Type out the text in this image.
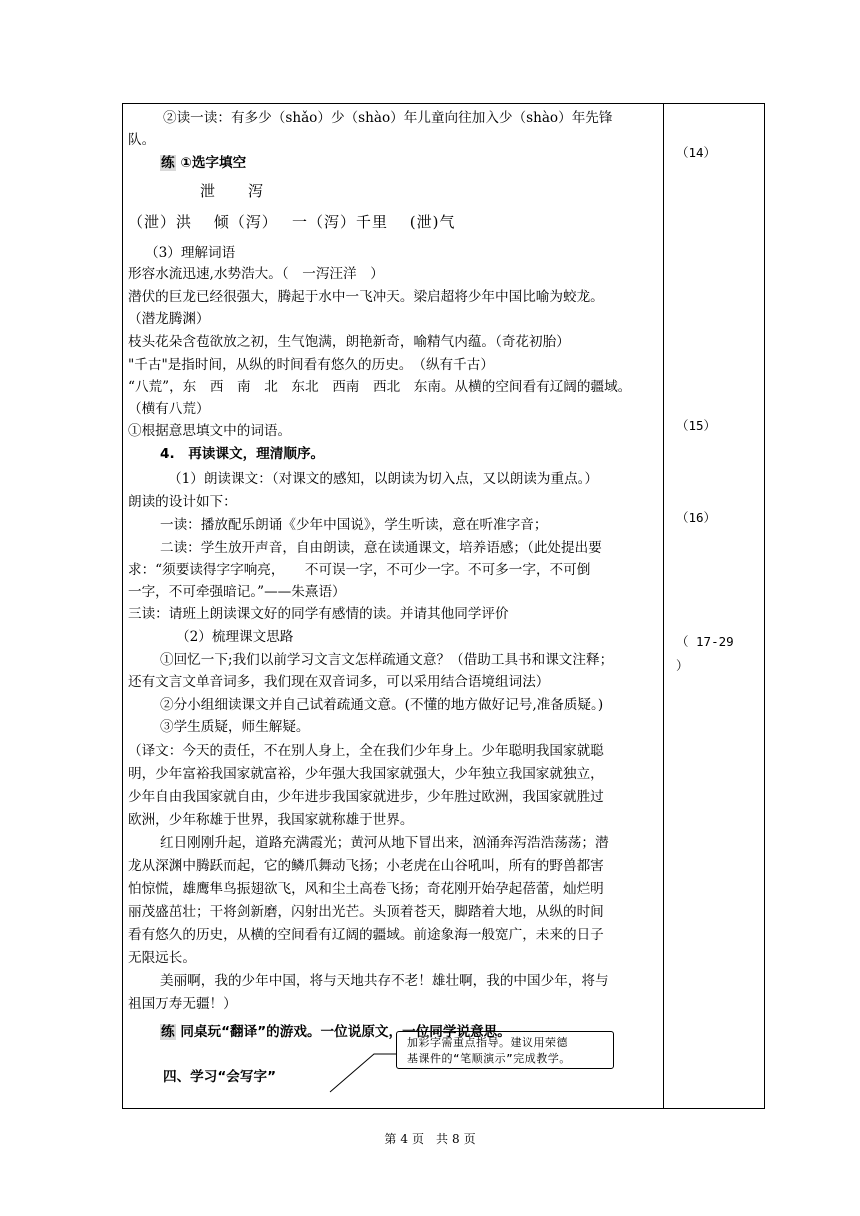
②读一读：有多少（shǎo）少（shào）年儿童向往加入少（shào）年先锋
队。
练 ①选字填空
泄　　泻
（泄）洪　 倾（泻）　 一（泻）千里　 (泄)气
（3）理解词语
形容水流迅速,水势浩大。（　一泻汪洋　）
潜伏的巨龙已经很强大，腾起于水中一飞冲天。梁启超将少年中国比喻为蛟龙。
（潜龙腾渊）
枝头花朵含苞欲放之初，生气饱满，朗艳新奇，喻精气内蕴。（奇花初胎）
"千古"是指时间，从纵的时间看有悠久的历史。　（纵有千古）
“八荒”，东　西　南　北　东北　西南　西北　东南。从横的空间看有辽阔的疆域。
（横有八荒）
①根据意思填文中的词语。
4.　再读课文，理清顺序。
（1）朗读课文：（对课文的感知，以朗读为切入点，又以朗读为重点。）
朗读的设计如下：
一读：播放配乐朗诵《少年中国说》，学生听读，意在听准字音；
二读：学生放开声音，自由朗读，意在读通课文，培养语感；（此处提出要
求：“须要读得字字响亮，　　不可误一字，不可少一字。不可多一字，不可倒
一字，不可牵强暗记。”——朱熹语）
三读：请班上朗读课文好的同学有感情的读。并请其他同学评价
（2）梳理课文思路
①回忆一下;我们以前学习文言文怎样疏通文意？（借助工具书和课文注释；
还有文言文单音词多，我们现在双音词多，可以采用结合语境组词法）
②分小组细读课文并自己试着疏通文意。(不懂的地方做好记号,准备质疑。)
③学生质疑，师生解疑。
（译文：今天的责任，不在别人身上，全在我们少年身上。少年聪明我国家就聪
明，少年富裕我国家就富裕，少年强大我国家就强大，少年独立我国家就独立，
少年自由我国家就自由，少年进步我国家就进步，少年胜过欧洲，我国家就胜过
欧洲，少年称雄于世界，我国家就称雄于世界。
红日刚刚升起，道路充满霞光；黄河从地下冒出来，汹涌奔泻浩浩荡荡；潜
龙从深渊中腾跃而起，它的鳞爪舞动飞扬；小老虎在山谷吼叫，所有的野兽都害
怕惊慌，雄鹰隼鸟振翅欲飞，风和尘土高卷飞扬；奇花刚开始孕起蓓蕾，灿烂明
丽茂盛茁壮；干将剑新磨，闪射出光芒。头顶着苍天，脚踏着大地，从纵的时间
看有悠久的历史，从横的空间看有辽阔的疆域。前途象海一般宽广，未来的日子
无限远长。
美丽啊，我的少年中国，将与天地共存不老！雄壮啊，我的中国少年，将与
祖国万寿无疆！）
练 同桌玩“翻译”的游戏。一位说原文，一位同学说意思。
四、学习“会写字”
加彩字需重点指导。建议用荣德
基课件的“笔顺演示”完成教学。
（14）
（15）
（16）
（ 17-29
）
第 4 页　共 8 页
